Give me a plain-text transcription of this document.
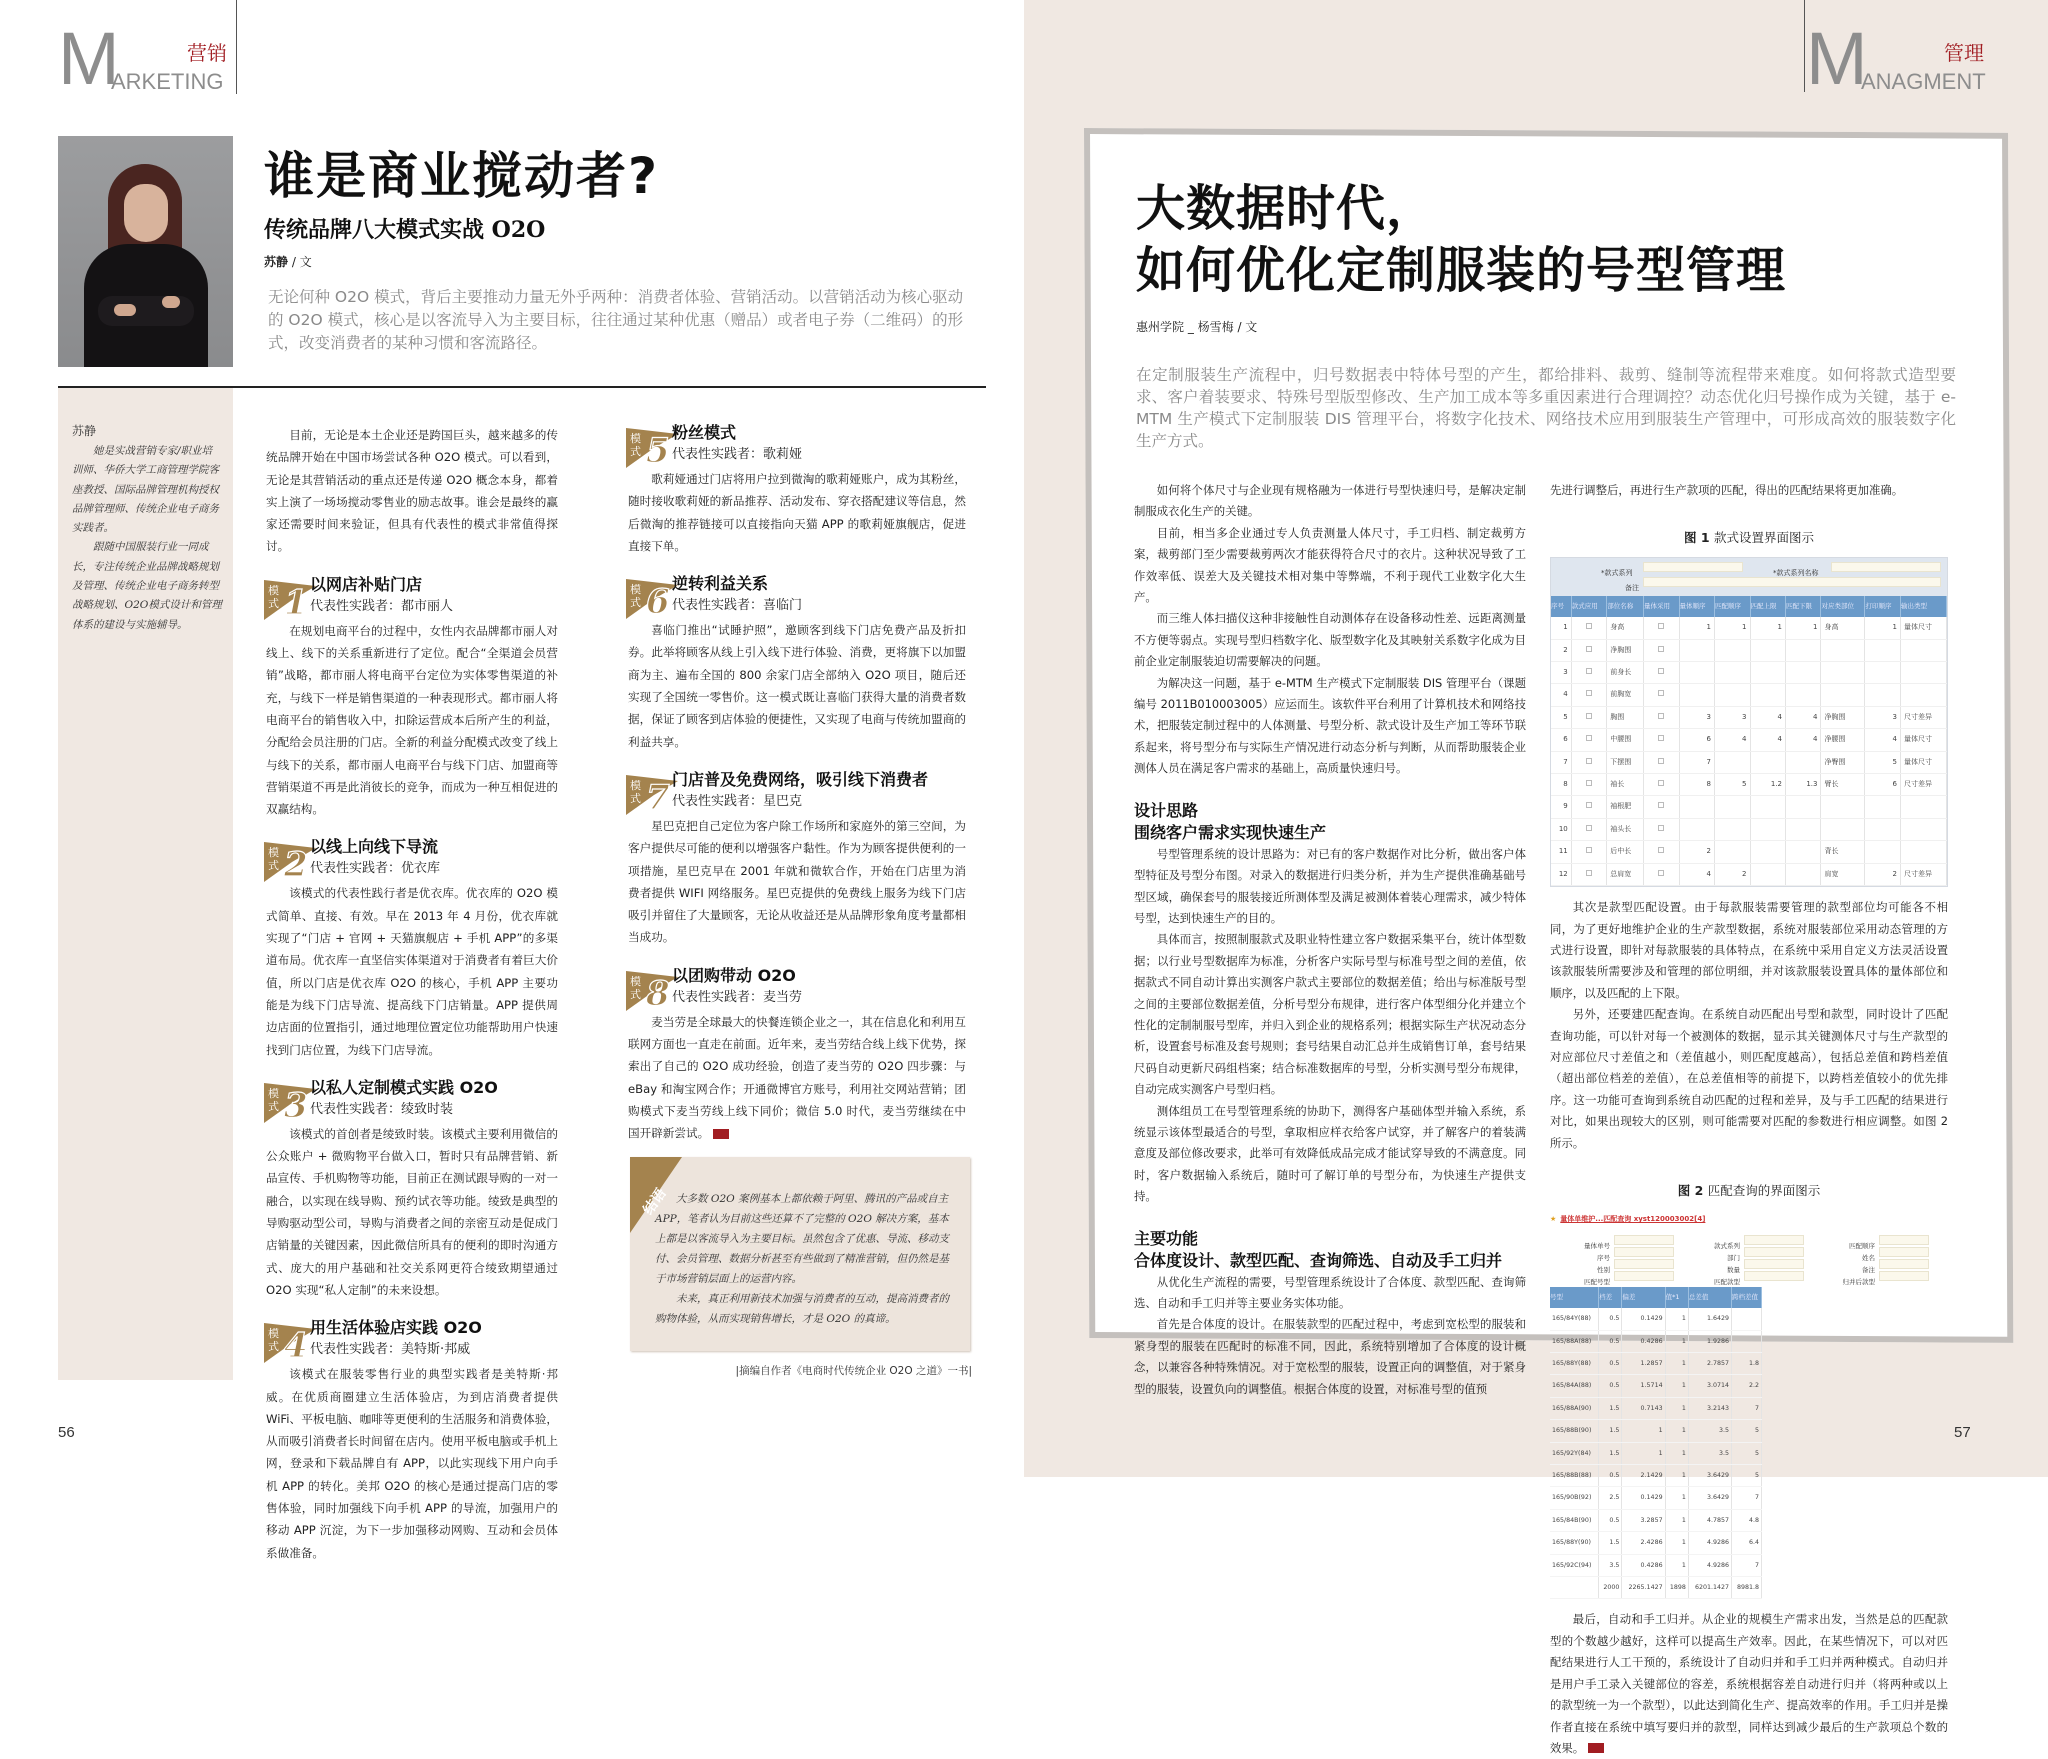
M
ARKETING
营销
谁是商业搅动者?
传统品牌八大模式实战 O2O
苏静 / 文
无论何种 O2O 模式，背后主要推动力量无外乎两种：消费者体验、营销活动。以营销活动为核心驱动的 O2O 模式，核心是以客流导入为主要目标，往往通过某种优惠（赠品）或者电子券（二维码）的形式，改变消费者的某种习惯和客流路径。
苏静

她是实战营销专家/职业培训师、华侨大学工商管理学院客座教授、国际品牌管理机构授权品牌管理师、传统企业电子商务实践者。

跟随中国服装行业一同成长，专注传统企业品牌战略规划及管理、传统企业电子商务转型战略规划、O2O模式设计和管理体系的建设与实施辅导。

目前，无论是本土企业还是跨国巨头，越来越多的传统品牌开始在中国市场尝试各种 O2O 模式。可以看到，无论是其营销活动的重点还是传递 O2O 概念本身，都着实上演了一场场搅动零售业的励志故事。谁会是最终的赢家还需要时间来验证，但具有代表性的模式非常值得探讨。

模式 1 以网店补贴门店
代表性实践者：都市丽人

在规划电商平台的过程中，女性内衣品牌都市丽人对线上、线下的关系重新进行了定位。配合“全渠道会员营销”战略，都市丽人将电商平台定位为实体零售渠道的补充，与线下一样是销售渠道的一种表现形式。都市丽人将电商平台的销售收入中，扣除运营成本后所产生的利益，分配给会员注册的门店。全新的利益分配模式改变了线上与线下的关系，都市丽人电商平台与线下门店、加盟商等营销渠道不再是此消彼长的竞争，而成为一种互相促进的双赢结构。

模式 2 以线上向线下导流
代表性实践者：优衣库

该模式的代表性践行者是优衣库。优衣库的 O2O 模式简单、直接、有效。早在 2013 年 4 月份，优衣库就实现了“门店 + 官网 + 天猫旗舰店 + 手机 APP”的多渠道布局。优衣库一直坚信实体渠道对于消费者有着巨大价值，所以门店是优衣库 O2O 的核心，手机 APP 主要功能是为线下门店导流、提高线下门店销量。APP 提供周边店面的位置指引，通过地理位置定位功能帮助用户快速找到门店位置，为线下门店导流。

模式 3 以私人定制模式实践 O2O
代表性实践者：绫致时装

该模式的首创者是绫致时装。该模式主要利用微信的公众账户 + 微购物平台做入口，暂时只有品牌营销、新品宣传、手机购物等功能，目前正在测试跟导购的一对一融合，以实现在线导购、预约试衣等功能。绫致是典型的导购驱动型公司，导购与消费者之间的亲密互动是促成门店销量的关键因素，因此微信所具有的便利的即时沟通方式、庞大的用户基础和社交关系网更符合绫致期望通过 O2O 实现“私人定制”的未来设想。

模式 4 用生活体验店实践 O2O
代表性实践者：美特斯·邦威

该模式在服装零售行业的典型实践者是美特斯·邦威。在优质商圈建立生活体验店，为到店消费者提供 WiFi、平板电脑、咖啡等更便利的生活服务和消费体验，从而吸引消费者长时间留在店内。使用平板电脑或手机上网，登录和下载品牌自有 APP，以此实现线下用户向手机 APP 的转化。美邦 O2O 的核心是通过提高门店的零售体验，同时加强线下向手机 APP 的导流，加强用户的移动 APP 沉淀，为下一步加强移动网购、互动和会员体系做准备。

模式 5 粉丝模式
代表性实践者：歌莉娅

歌莉娅通过门店将用户拉到微淘的歌莉娅账户，成为其粉丝，随时接收歌莉娅的新品推荐、活动发布、穿衣搭配建议等信息，然后微淘的推荐链接可以直接指向天猫 APP 的歌莉娅旗舰店，促进直接下单。

模式 6 逆转利益关系
代表性实践者：喜临门

喜临门推出“试睡护照”，邀顾客到线下门店免费产品及折扣券。此举将顾客从线上引入线下进行体验、消费，更将旗下以加盟商为主、遍布全国的 800 余家门店全部纳入 O2O 项目，随后还实现了全国统一零售价。这一模式既让喜临门获得大量的消费者数据，保证了顾客到店体验的便捷性，又实现了电商与传统加盟商的利益共享。

模式 7 门店普及免费网络，吸引线下消费者
代表性实践者：星巴克

星巴克把自己定位为客户除工作场所和家庭外的第三空间，为客户提供尽可能的便利以增强客户黏性。作为为顾客提供便利的一项措施，星巴克早在 2001 年就和微软合作，开始在门店里为消费者提供 WIFI 网络服务。星巴克提供的免费线上服务为线下门店吸引并留住了大量顾客，无论从收益还是从品牌形象角度考量都相当成功。

模式 8 以团购带动 O2O
代表性实践者：麦当劳

麦当劳是全球最大的快餐连锁企业之一，其在信息化和利用互联网方面也一直走在前面。近年来，麦当劳结合线上线下优势，探索出了自己的 O2O 成功经验，创造了麦当劳的 O2O 四步骤：与 eBay 和淘宝网合作；开通微博官方账号，利用社交网站营销；团购模式下麦当劳线上线下同价；微信 5.0 时代，麦当劳继续在中国开辟新尝试。

结语 大多数 O2O 案例基本上都依赖于阿里、腾讯的产品或自主 APP，笔者认为目前这些还算不了完整的 O2O 解决方案，基本上都是以客流导入为主要目标。虽然包含了优惠、导流、移动支付、会员管理、数据分析甚至有些做到了精准营销，但仍然是基于市场营销层面上的运营内容。

未来，真正利用新技术加强与消费者的互动，提高消费者的购物体验，从而实现销售增长，才是 O2O 的真谛。

|摘编自作者《电商时代传统企业 O2O 之道》一书|
56
M
ANAGMENT
管理
57
大数据时代，
如何优化定制服装的号型管理
惠州学院 _ 杨雪梅 / 文
在定制服装生产流程中，归号数据表中特体号型的产生，都给排料、裁剪、缝制等流程带来难度。如何将款式造型要求、客户着装要求、特殊号型版型修改、生产加工成本等多重因素进行合理调控？动态优化归号操作成为关键，基于 e-MTM 生产模式下定制服装 DIS 管理平台，将数字化技术、网络技术应用到服装生产管理中，可形成高效的服装数字化生产方式。

如何将个体尺寸与企业现有规格融为一体进行号型快速归号，是解决定制制服成衣化生产的关键。

目前，相当多企业通过专人负责测量人体尺寸，手工归档、制定裁剪方案，裁剪部门至少需要裁剪两次才能获得符合尺寸的衣片。这种状况导致了工作效率低、误差大及关键技术相对集中等弊端，不利于现代工业数字化大生产。

而三维人体扫描仪这种非接触性自动测体存在设备移动性差、远距离测量不方便等弱点。实现号型归档数字化、版型数字化及其映射关系数字化成为目前企业定制服装迫切需要解决的问题。

为解决这一问题，基于 e-MTM 生产模式下定制服装 DIS 管理平台（课题编号 2011B010003005）应运而生。该软件平台利用了计算机技术和网络技术，把服装定制过程中的人体测量、号型分析、款式设计及生产加工等环节联系起来，将号型分布与实际生产情况进行动态分析与判断，从而帮助服装企业测体人员在满足客户需求的基础上，高质量快速归号。

设计思路
围绕客户需求实现快速生产

号型管理系统的设计思路为：对已有的客户数据作对比分析，做出客户体型特征及号型分布图。对录入的数据进行归类分析，并为生产提供准确基础号型区域，确保套号的服装接近所测体型及满足被测体着装心理需求，减少特体号型，达到快速生产的目的。

具体而言，按照制服款式及职业特性建立客户数据采集平台，统计体型数据；以行业号型数据库为标准，分析客户实际号型与标准号型之间的差值，依据款式不同自动计算出实测客户款式主要部位的数据差值；给出与标准版号型之间的主要部位数据差值，分析号型分布规律，进行客户体型细分化并建立个性化的定制制服号型库，并归入到企业的规格系列；根据实际生产状况动态分析，设置套号标准及套号规则；套号结果自动汇总并生成销售订单，套号结果尺码自动更新尺码组档案；结合标准数据库的号型，分析实测号型分布规律，自动完成实测客户号型归档。

测体组员工在号型管理系统的协助下，测得客户基础体型并输入系统，系统显示该体型最适合的号型，拿取相应样衣给客户试穿，并了解客户的着装满意度及部位修改要求，此举可有效降低成品完成才能试穿导致的不满意度。同时，客户数据输入系统后，随时可了解订单的号型分布，为快速生产提供支持。

主要功能
合体度设计、款型匹配、查询筛选、自动及手工归并

从优化生产流程的需要，号型管理系统设计了合体度、款型匹配、查询筛选、自动和手工归并等主要业务实体功能。

首先是合体度的设计。在服装款型的匹配过程中，考虑到宽松型的服装和紧身型的服装在匹配时的标准不同，因此，系统特别增加了合体度的设计概念，以兼容各种特殊情况。对于宽松型的服装，设置正向的调整值，对于紧身型的服装，设置负向的调整值。根据合体度的设置，对标准号型的值预

先进行调整后，再进行生产款项的匹配，得出的匹配结果将更加准确。

图 1 款式设置界面图示
*款式系列	*款式系列名称
备注
序号	款式应用	部位名称	量体采用	量体顺序	匹配顺序	匹配上限	匹配下限	对应类部位	打印顺序	输出类型
1		身高		1	1	1	1	身高	1	量体尺寸
2		净胸围								
3		前身长								
4		前胸宽								
5		胸围		3	3	4	4	净胸围	3	尺寸差异
6		中腰围		6	4	4	4	净腰围	4	量体尺寸
7		下摆围		7				净臀围	5	量体尺寸
8		袖长		8	5	1.2	1.3	臂长	6	尺寸差异
9		袖根肥								
10		袖头长								
11		后中长		2				背长		
12		总肩宽		4	2			肩宽	2	尺寸差异

其次是款型匹配设置。由于每款服装需要管理的款型部位均可能各不相同，为了更好地维护企业的生产款型数据，系统对服装部位采用动态管理的方式进行设置，即针对每款服装的具体特点，在系统中采用自定义方法灵活设置该款服装所需要涉及和管理的部位明细，并对该款服装设置具体的量体部位和顺序，以及匹配的上下限。

另外，还要建匹配查询。在系统自动匹配出号型和款型，同时设计了匹配查询功能，可以针对每一个被测体的数据，显示其关键测体尺寸与生产款型的对应部位尺寸差值之和（差值越小，则匹配度越高），包括总差值和跨档差值（超出部位档差的差值），在总差值相等的前提下，以跨档差值较小的优先排序。这一功能可查询到系统自动匹配的过程和差异，及与手工匹配的结果进行对比，如果出现较大的区别，则可能需要对匹配的参数进行相应调整。如图 2 所示。

图 2 匹配查询的界面图示
★ 量体单维护...匹配查询 xyst120003002[4]
量体单号
序号
性别
匹配号型
款式系列
部门
数量
匹配款型
匹配顺序
姓名
备注
归并后款型
号型	档差	偏差	值*1	总差值	跨档差值
165/84Y(88)	0.5	0.1429	1	1.6429	
165/88A(88)	0.5	0.4286	1	1.9286	
165/88Y(88)	0.5	1.2857	1	2.7857	1.8
165/84A(88)	0.5	1.5714	1	3.0714	2.2
165/88A(90)	1.5	0.7143	1	3.2143	7
165/88B(90)	1.5	1	1	3.5	5
165/92Y(84)	1.5	1	1	3.5	5
165/88B(88)	0.5	2.1429	1	3.6429	5
165/90B(92)	2.5	0.1429	1	3.6429	7
165/84B(90)	0.5	3.2857	1	4.7857	4.8
165/88Y(90)	1.5	2.4286	1	4.9286	6.4
165/92C(94)	3.5	0.4286	1	4.9286	7
	2000	2265.1427	1898	6201.1427	8981.8

最后，自动和手工归并。从企业的规模生产需求出发，当然是总的匹配款型的个数越少越好，这样可以提高生产效率。因此，在某些情况下，可以对匹配结果进行人工干预的，系统设计了自动归并和手工归并两种模式。自动归并是用户手工录入关键部位的容差，系统根据容差自动进行归并（将两种或以上的款型统一为一个款型），以此达到简化生产、提高效率的作用。手工归并是操作者直接在系统中填写要归并的款型，同样达到减少最后的生产款项总个数的效果。
